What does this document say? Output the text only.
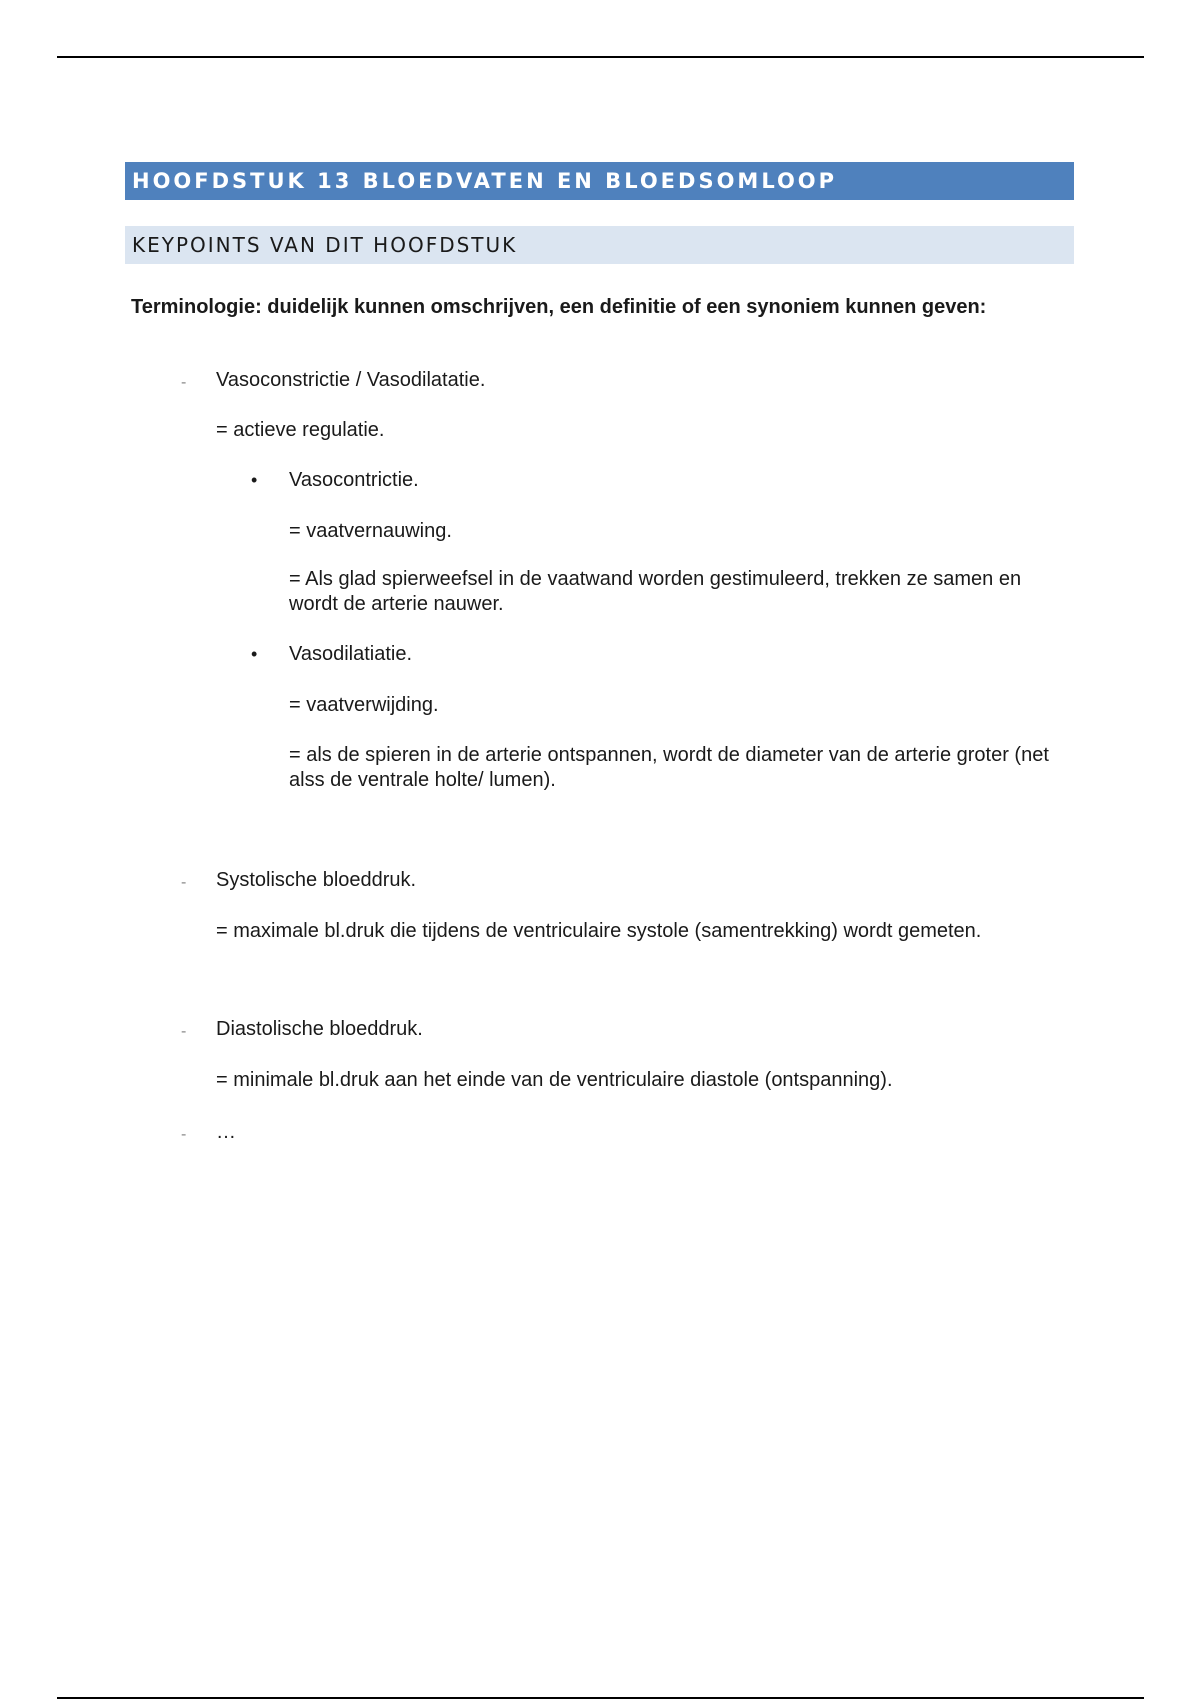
HOOFDSTUK 13 BLOEDVATEN EN BLOEDSOMLOOP
KEYPOINTS VAN DIT HOOFDSTUK
Terminologie: duidelijk kunnen omschrijven, een definitie of een synoniem kunnen geven:
- Vasoconstrictie / Vasodilatatie.
= actieve regulatie.
• Vasocontrictie.
= vaatvernauwing.
= Als glad spierweefsel in de vaatwand worden gestimuleerd, trekken ze samen en wordt de arterie nauwer.
• Vasodilatiatie.
= vaatverwijding.
= als de spieren in de arterie ontspannen, wordt de diameter van de arterie groter (net alss de ventrale holte/ lumen).
- Systolische bloeddruk.
= maximale bl.druk die tijdens de ventriculaire systole (samentrekking) wordt gemeten.
- Diastolische bloeddruk.
= minimale bl.druk aan het einde van de ventriculaire diastole (ontspanning).
- …
